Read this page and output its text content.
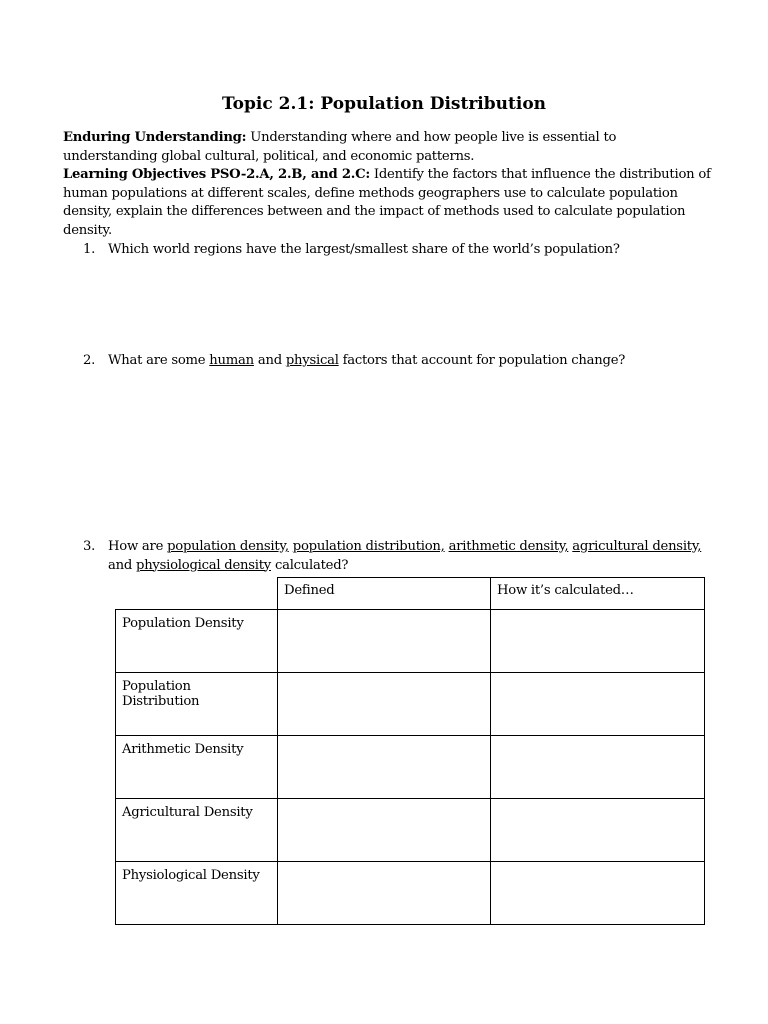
Topic 2.1: Population Distribution

Enduring Understanding: Understanding where and how people live is essential to understanding global cultural, political, and economic patterns.

Learning Objectives PSO-2.A, 2.B, and 2.C: Identify the factors that influence the distribution of human populations at different scales, define methods geographers use to calculate population density, explain the differences between and the impact of methods used to calculate population density.

1. Which world regions have the largest/smallest share of the world’s population?
2. What are some human and physical factors that account for population change?
3. How are population density, population distribution, arithmetic density, agricultural density, and physiological density calculated?
	Defined	How it’s calculated…
Population Density		
Population Distribution		
Arithmetic Density		
Agricultural Density		
Physiological Density		
